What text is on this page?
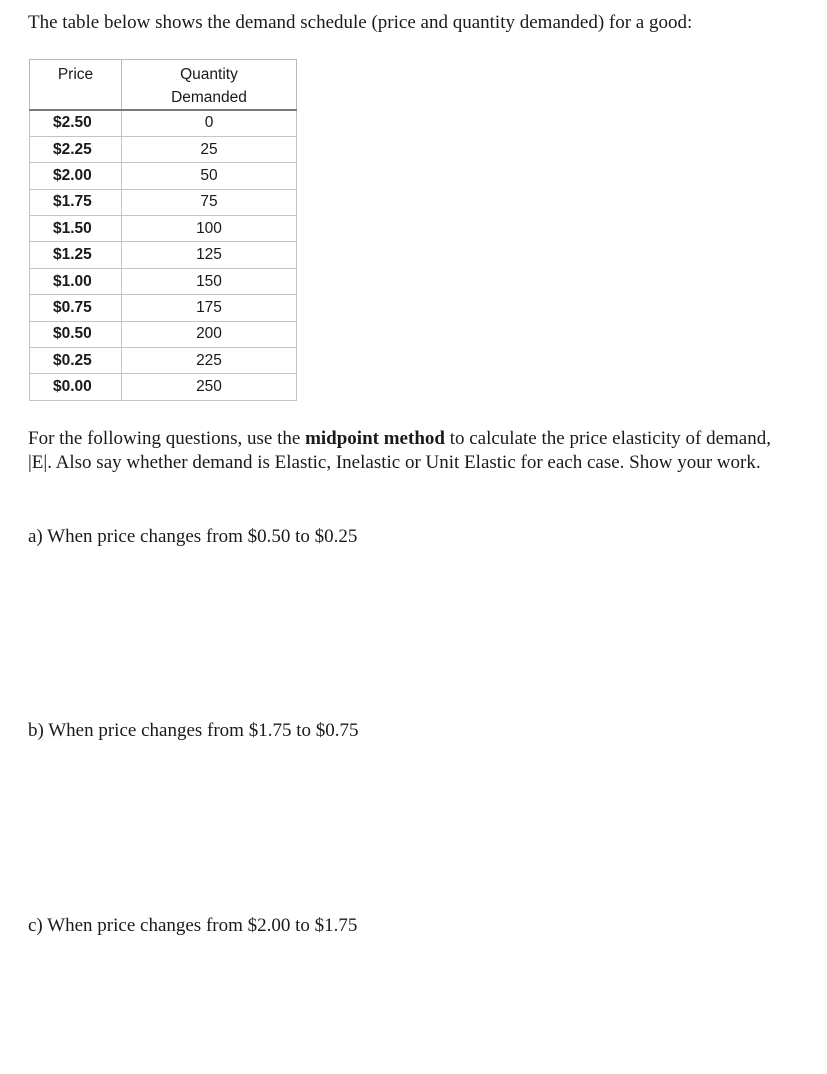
The table below shows the demand schedule (price and quantity demanded) for a good:

Price	Quantity
Demanded
$2.50	0
$2.25	25
$2.00	50
$1.75	75
$1.50	100
$1.25	125
$1.00	150
$0.75	175
$0.50	200
$0.25	225
$0.00	250

For the following questions, use the midpoint method to calculate the price elasticity of demand, |E|. Also say whether demand is Elastic, Inelastic or Unit Elastic for each case. Show your work.

a) When price changes from $0.50 to $0.25

b) When price changes from $1.75 to $0.75

c) When price changes from $2.00 to $1.75
